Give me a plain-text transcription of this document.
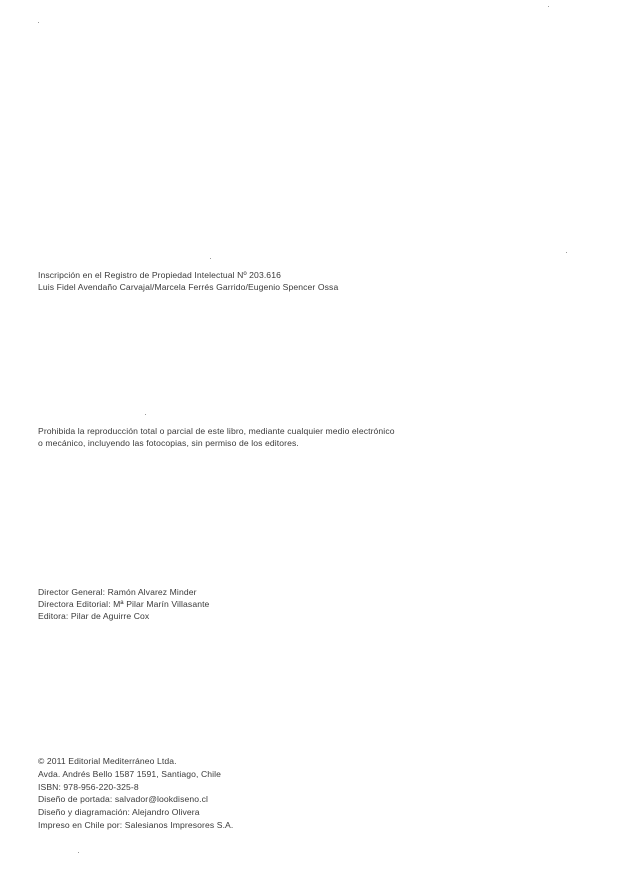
Inscripción en el Registro de Propiedad Intelectual Nº 203.616
Luis Fidel Avendaño Carvajal/Marcela Ferrés Garrido/Eugenio Spencer Ossa
Prohibida la reproducción total o parcial de este libro, mediante cualquier medio electrónico
o mecánico, incluyendo las fotocopias, sin permiso de los editores.
Director General: Ramón Alvarez Minder
Directora Editorial: Mª Pilar Marín Villasante
Editora: Pilar de Aguirre Cox
© 2011 Editorial Mediterráneo Ltda.
Avda. Andrés Bello 1587 1591, Santiago, Chile
ISBN: 978-956-220-325-8
Diseño de portada: salvador@lookdiseno.cl
Diseño y diagramación: Alejandro Olivera
Impreso en Chile por: Salesianos Impresores S.A.
